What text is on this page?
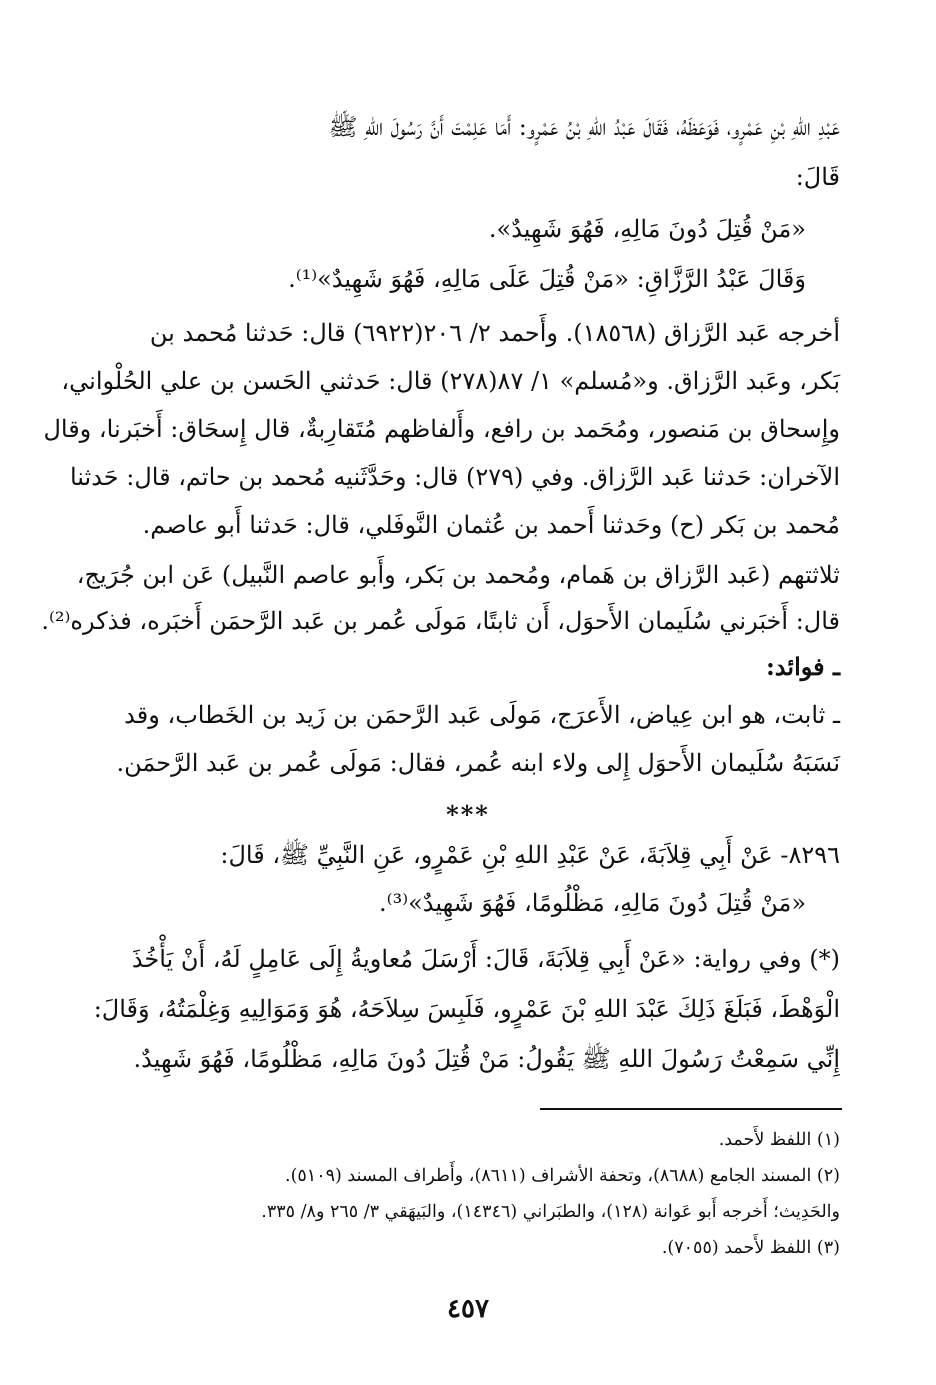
عَبْدِ اللهِ بْنِ عَمْرٍو، فَوَعَظَهُ، فَقَالَ عَبْدُ اللهِ بْنُ عَمْرٍو: أَمَا عَلِمْتَ أَنَّ رَسُولَ اللهِ ﷺ
قَالَ:
«مَنْ قُتِلَ دُونَ مَالِهِ، فَهُوَ شَهِيدٌ».
وَقَالَ عَبْدُ الرَّزَّاقِ: «مَنْ قُتِلَ عَلَى مَالِهِ، فَهُوَ شَهِيدٌ»⁽¹⁾.
أخرجه عَبد الرَّزاق (١٨٥٦٨). وأَحمد ٢/ ٢٠٦(٦٩٢٢) قال: حَدثنا مُحمد بن
بَكر، وعَبد الرَّزاق. و«مُسلم» ١/ ٨٧(٢٧٨) قال: حَدثني الحَسن بن علي الحُلْواني،
وإِسحاق بن مَنصور، ومُحَمد بن رافع، وأَلفاظهم مُتَقارِبةٌ، قال إِسحَاق: أَخبَرنا، وقال
الآخران: حَدثنا عَبد الرَّزاق. وفي (٢٧٩) قال: وحَدَّثَنيه مُحمد بن حاتم، قال: حَدثنا
مُحمد بن بَكر (ح) وحَدثنا أَحمد بن عُثمان النَّوفَلي، قال: حَدثنا أَبو عاصم.
ثلاثتهم (عَبد الرَّزاق بن هَمام، ومُحمد بن بَكر، وأَبو عاصم النَّبيل) عَن ابن جُرَيج،
قال: أَخبَرني سُلَيمان الأَحوَل، أَن ثابتًا، مَولَى عُمر بن عَبد الرَّحمَن أَخبَره، فذكره⁽²⁾.
ـ فوائد:
ـ ثابت، هو ابن عِياض، الأَعرَج، مَولَى عَبد الرَّحمَن بن زَيد بن الخَطاب، وقد
نَسَبَهُ سُلَيمان الأَحوَل إِلى ولاء ابنه عُمر، فقال: مَولَى عُمر بن عَبد الرَّحمَن.
***
٨٢٩٦- عَنْ أَبِي قِلاَبَةَ، عَنْ عَبْدِ اللهِ بْنِ عَمْرٍو، عَنِ النَّبِيِّ ﷺ، قَالَ:
«مَنْ قُتِلَ دُونَ مَالِهِ، مَظْلُومًا، فَهُوَ شَهِيدٌ»⁽³⁾.
(*) وفي رواية: «عَنْ أَبِي قِلاَبَةَ، قَالَ: أَرْسَلَ مُعاويةُ إِلَى عَامِلٍ لَهُ، أَنْ يَأْخُذَ
الْوَهْطَ، فَبَلَغَ ذَلِكَ عَبْدَ اللهِ بْنَ عَمْرٍو، فَلَبِسَ سِلاَحَهُ، هُوَ وَمَوَالِيهِ وَغِلْمَتُهُ، وَقَالَ:
إِنِّي سَمِعْتُ رَسُولَ اللهِ ﷺ يَقُولُ: مَنْ قُتِلَ دُونَ مَالِهِ، مَظْلُومًا، فَهُوَ شَهِيدٌ.
(١) اللفظ لأَحمد.
(٢) المسند الجامع (٨٦٨٨)، وتحفة الأشراف (٨٦١١)، وأَطراف المسند (٥١٠٩).
والحَدِيث؛ أَخرجه أَبو عَوانة (١٢٨)، والطبَراني (١٤٣٤٦)، والبَيهَقي ٣/ ٢٦٥ و٨/ ٣٣٥.
(٣) اللفظ لأَحمد (٧٠٥٥).
٤٥٧
